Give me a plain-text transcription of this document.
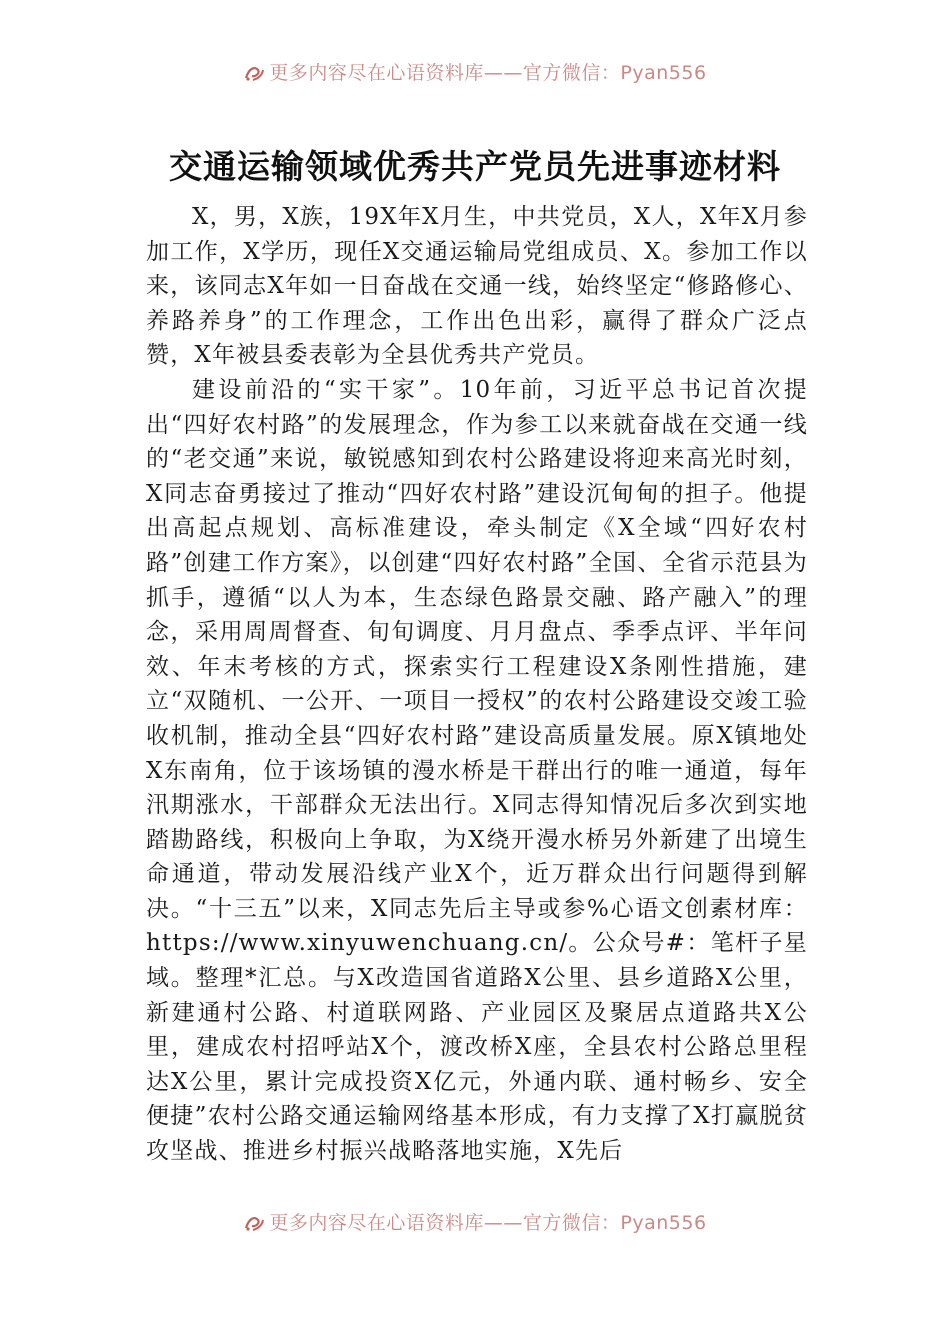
更多内容尽在心语资料库——官方微信：Pyan556
交通运输领域优秀共产党员先进事迹材料

X，男，X族，19X年X月生，中共党员，X人，X年X月参加工作，X学历，现任X交通运输局党组成员、X。参加工作以来，该同志X年如一日奋战在交通一线，始终坚定“修路修心、养路养身”的工作理念，工作出色出彩，赢得了群众广泛点赞，X年被县委表彰为全县优秀共产党员。

建设前沿的“实干家”。10年前，习近平总书记首次提出“四好农村路”的发展理念，作为参工以来就奋战在交通一线的“老交通”来说，敏锐感知到农村公路建设将迎来高光时刻，X同志奋勇接过了推动“四好农村路”建设沉甸甸的担子。他提出高起点规划、高标准建设，牵头制定《X全域“四好农村路”创建工作方案》，以创建“四好农村路”全国、全省示范县为抓手，遵循“以人为本，生态绿色路景交融、路产融入”的理念，采用周周督查、旬旬调度、月月盘点、季季点评、半年问效、年末考核的方式，探索实行工程建设X条刚性措施，建立“双随机、一公开、一项目一授权”的农村公路建设交竣工验收机制，推动全县“四好农村路”建设高质量发展。原X镇地处X东南角，位于该场镇的漫水桥是干群出行的唯一通道，每年汛期涨水，干部群众无法出行。X同志得知情况后多次到实地踏勘路线，积极向上争取，为X绕开漫水桥另外新建了出境生命通道，带动发展沿线产业X个，近万群众出行问题得到解决。“十三五”以来，X同志先后主导或参%心语文创素材库：https://www.xinyuwenchuang.cn/。公众号#：笔杆子星域。整理*汇总。与X改造国省道路X公里、县乡道路X公里，新建通村公路、村道联网路、产业园区及聚居点道路共X公里，建成农村招呼站X个，渡改桥X座，全县农村公路总里程达X公里，累计完成投资X亿元，外通内联、通村畅乡、安全便捷”农村公路交通运输网络基本形成，有力支撑了X打赢脱贫攻坚战、推进乡村振兴战略落地实施，X先后

更多内容尽在心语资料库——官方微信：Pyan556
